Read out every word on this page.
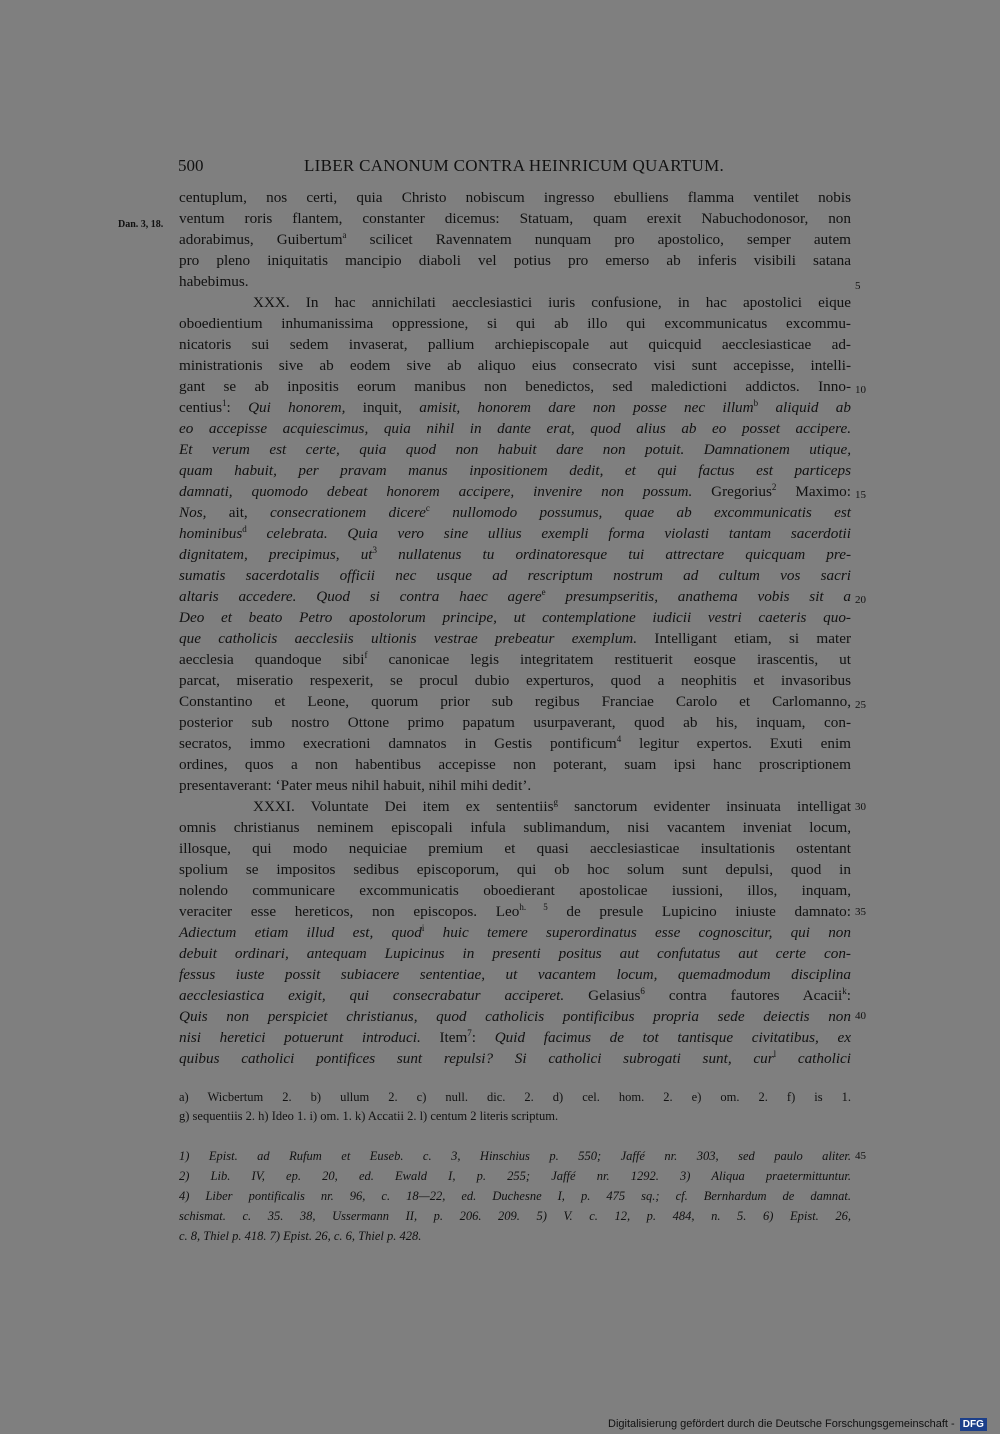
500	LIBER CANONUM CONTRA HEINRICUM QUARTUM.
Dan. 3, 18.
5
10
15
20
25
30
35
40
45
centuplum, nos certi, quia Christo nobiscum ingresso ebulliens flamma ventilet nobis
ventum roris flantem, constanter dicemus: Statuam, quam erexit Nabuchodonosor, non
adorabimus, Guibertum$^a$ scilicet Ravennatem nunquam pro apostolico, semper autem
pro pleno iniquitatis mancipio diaboli vel potius pro emerso ab inferis visibili satana
habebimus.
XXX. In hac annichilati aecclesiastici iuris confusione, in hac apostolici eique
oboedientium inhumanissima oppressione, si qui ab illo qui excommunicatus excommu-
nicatoris sui sedem invaserat, pallium archiepiscopale aut quicquid aecclesiasticae ad-
ministrationis sive ab eodem sive ab aliquo eius consecrato visi sunt accepisse, intelli-
gant se ab inpositis eorum manibus non benedictos, sed maledictioni addictos. Inno-
centius$^1$: Qui honorem, inquit, amisit, honorem dare non posse nec illum$^b$ aliquid ab
eo accepisse acquiescimus, quia nihil in dante erat, quod alius ab eo posset accipere.
Et verum est certe, quia quod non habuit dare non potuit. Damnationem utique,
quam habuit, per pravam manus inpositionem dedit, et qui factus est particeps
damnati, quomodo debeat honorem accipere, invenire non possum. Gregorius$^2$ Maximo:
Nos, ait, consecrationem dicere$^c$ nullomodo possumus, quae ab excommunicatis est
hominibus$^d$ celebrata. Quia vero sine ullius exempli forma violasti tantam sacerdotii
dignitatem, precipimus, $ut^3$ nullatenus tu ordinatoresque tui attrectare quicquam pre-
sumatis sacerdotalis officii nec usque ad rescriptum nostrum ad cultum vos sacri
altaris accedere. Quod si contra haec agere$^e$ presumpseritis, anathema vobis sit a
Deo et beato Petro apostolorum principe, ut contemplatione iudicii vestri caeteris quo-
que catholicis aecclesiis ultionis vestrae prebeatur exemplum. Intelligant etiam, si mater
aecclesia quandoque sibi$^f$ canonicae legis integritatem restituerit eosque irascentis, ut
parcat, miseratio respexerit, se procul dubio experturos, quod a neophitis et invasoribus
Constantino et Leone, quorum prior sub regibus Franciae Carolo et Carlomanno,
posterior sub nostro Ottone primo papatum usurpaverant, quod ab his, inquam, con-
secratos, immo execrationi damnatos in Gestis pontificum$^4$ legitur expertos. Exuti enim
ordines, quos a non habentibus accepisse non poterant, suam ipsi hanc proscriptionem
presentaverant: ‘Pater meus nihil habuit, nihil mihi dedit’.
XXXI. Voluntate Dei item ex sententiis$^g$ sanctorum evidenter insinuata intelligat
omnis christianus neminem episcopali infula sublimandum, nisi vacantem inveniat locum,
illosque, qui modo nequiciae premium et quasi aecclesiasticae insultationis ostentant
spolium se impositos sedibus episcoporum, qui ob hoc solum sunt depulsi, quod in
nolendo communicare excommunicatis oboedierant apostolicae iussioni, illos, inquam,
veraciter esse hereticos, non episcopos. Leo$^{h. 5}$ de presule Lupicino iniuste damnato:
Adiectum etiam illud est, quod$^i$ huic temere superordinatus esse cognoscitur, qui non
debuit ordinari, antequam Lupicinus in presenti positus aut confutatus aut certe con-
fessus iuste possit subiacere sententiae, ut vacantem locum, quemadmodum disciplina
aecclesiastica exigit, qui consecrabatur acciperet. Gelasius$^6$ contra fautores Acacii$^k$:
Quis non perspiciet christianus, quod catholicis pontificibus propria sede deiectis non
nisi heretici potuerunt introduci. Item$^7$: Quid facimus de tot tantisque civitatibus, ex
quibus catholici pontifices sunt repulsi? Si catholici subrogati sunt, cur$^l$ catholici
a) Wicbertum 2. b) ullum 2. c) null. dic. 2. d) cel. hom. 2. e) om. 2. f) is 1.
g) sequentiis 2. h) Ideo 1. i) om. 1. k) Accatii 2. l) centum 2 literis scriptum.
1) Epist. ad Rufum et Euseb. c. 3, Hinschius p. 550; Jaffé nr. 303, sed paulo aliter.
2) Lib. IV, ep. 20, ed. Ewald I, p. 255; Jaffé nr. 1292. 3) Aliqua praetermittuntur.
4) Liber pontificalis nr. 96, c. 18—22, ed. Duchesne I, p. 475 sq.; cf. Bernhardum de damnat.
schismat. c. 35. 38, Ussermann II, p. 206. 209. 5) V. c. 12, p. 484, n. 5. 6) Epist. 26,
c. 8, Thiel p. 418. 7) Epist. 26, c. 6, Thiel p. 428.
Digitalisierung gefördert durch die Deutsche Forschungsgemeinschaft - DFG
